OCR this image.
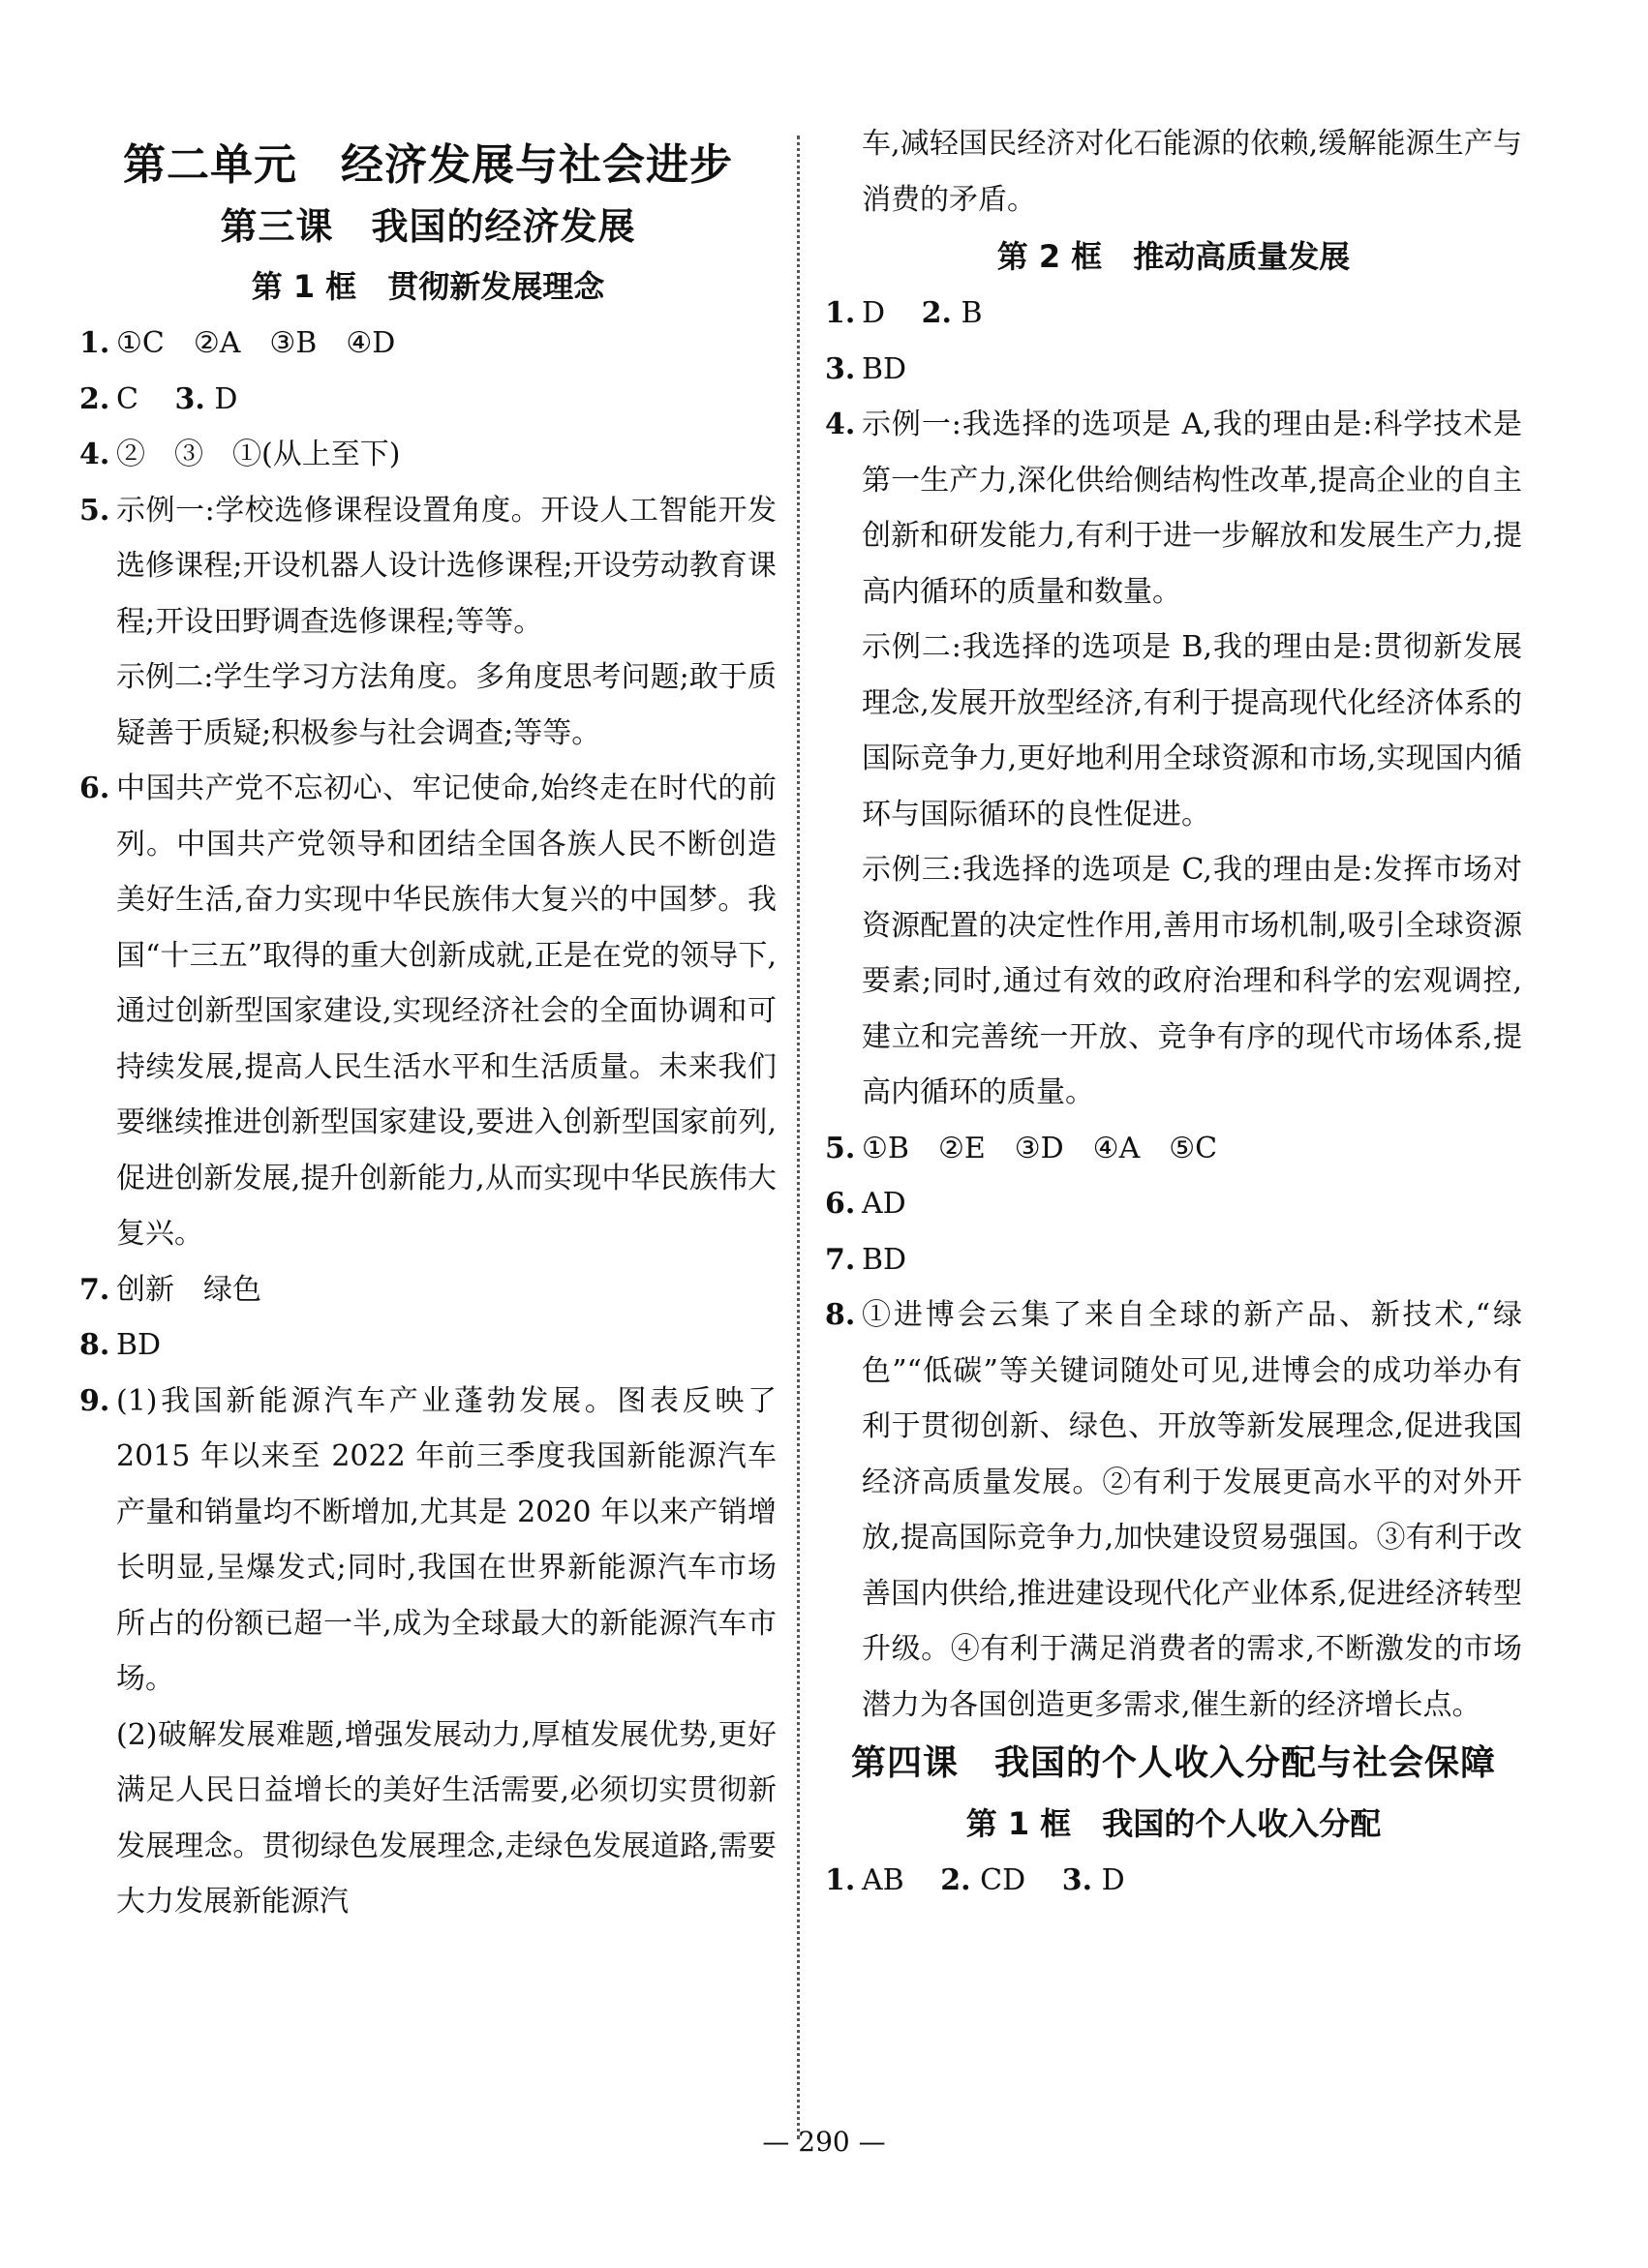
第二单元　经济发展与社会进步
第三课　我国的经济发展
第 1 框　贯彻新发展理念
1. ①C　②A　③B　④D
2. C 3. D
4. ②　③　①(从上至下)
5. 示例一:学校选修课程设置角度。开设人工智能开发选修课程;开设机器人设计选修课程;开设劳动教育课程;开设田野调查选修课程;等等。
示例二:学生学习方法角度。多角度思考问题;敢于质疑善于质疑;积极参与社会调查;等等。
6. 中国共产党不忘初心、牢记使命,始终走在时代的前列。中国共产党领导和团结全国各族人民不断创造美好生活,奋力实现中华民族伟大复兴的中国梦。我国“十三五”取得的重大创新成就,正是在党的领导下,通过创新型国家建设,实现经济社会的全面协调和可持续发展,提高人民生活水平和生活质量。未来我们要继续推进创新型国家建设,要进入创新型国家前列,促进创新发展,提升创新能力,从而实现中华民族伟大复兴。
7. 创新　绿色
8. BD
9. (1)我国新能源汽车产业蓬勃发展。图表反映了 2015 年以来至 2022 年前三季度我国新能源汽车产量和销量均不断增加,尤其是 2020 年以来产销增长明显,呈爆发式;同时,我国在世界新能源汽车市场所占的份额已超一半,成为全球最大的新能源汽车市场。
(2)破解发展难题,增强发展动力,厚植发展优势,更好满足人民日益增长的美好生活需要,必须切实贯彻新发展理念。贯彻绿色发展理念,走绿色发展道路,需要大力发展新能源汽
车,减轻国民经济对化石能源的依赖,缓解能源生产与消费的矛盾。
第 2 框　推动高质量发展
1. D 2. B
3. BD
4. 示例一:我选择的选项是 A,我的理由是:科学技术是第一生产力,深化供给侧结构性改革,提高企业的自主创新和研发能力,有利于进一步解放和发展生产力,提高内循环的质量和数量。
示例二:我选择的选项是 B,我的理由是:贯彻新发展理念,发展开放型经济,有利于提高现代化经济体系的国际竞争力,更好地利用全球资源和市场,实现国内循环与国际循环的良性促进。
示例三:我选择的选项是 C,我的理由是:发挥市场对资源配置的决定性作用,善用市场机制,吸引全球资源要素;同时,通过有效的政府治理和科学的宏观调控,建立和完善统一开放、竞争有序的现代市场体系,提高内循环的质量。
5. ①B　②E　③D　④A　⑤C
6. AD
7. BD
8. ①进博会云集了来自全球的新产品、新技术,“绿色”“低碳”等关键词随处可见,进博会的成功举办有利于贯彻创新、绿色、开放等新发展理念,促进我国经济高质量发展。②有利于发展更高水平的对外开放,提高国际竞争力,加快建设贸易强国。③有利于改善国内供给,推进建设现代化产业体系,促进经济转型升级。④有利于满足消费者的需求,不断激发的市场潜力为各国创造更多需求,催生新的经济增长点。
第四课　我国的个人收入分配与社会保障
第 1 框　我国的个人收入分配
1. AB 2. CD 3. D
— 290 —
